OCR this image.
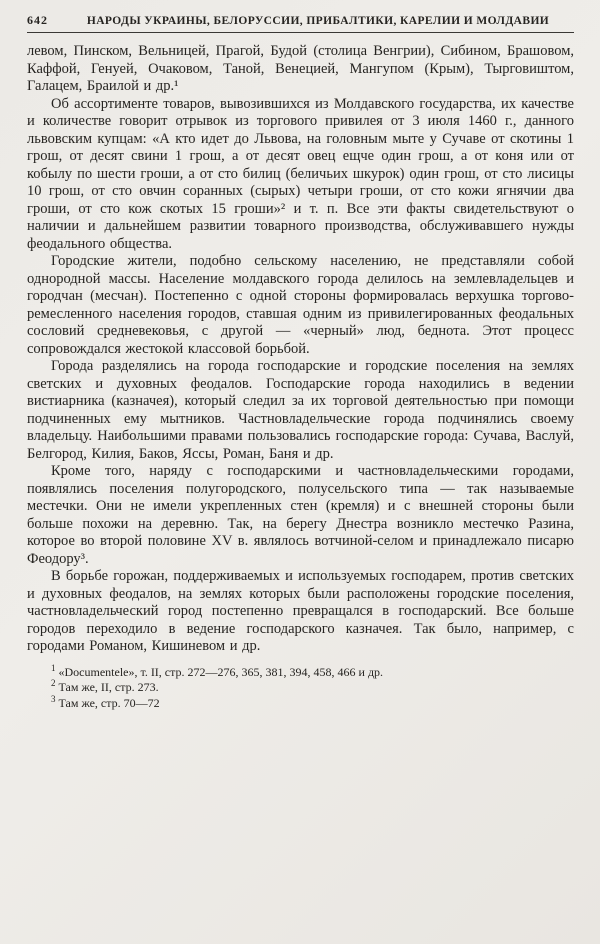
642	НАРОДЫ УКРАИНЫ, БЕЛОРУССИИ, ПРИБАЛТИКИ, КАРЕЛИИ И МОЛДАВИИ

левом, Пинском, Вельницей, Прагой, Будой (столица Венгрии), Сибином, Брашовом, Каффой, Генуей, Очаковом, Таной, Венецией, Мангупом (Крым), Тырговиштом, Галацем, Браилой и др.¹

Об ассортименте товаров, вывозившихся из Молдавского государства, их качестве и количестве говорит отрывок из торгового привилея от 3 июля 1460 г., данного львовским купцам: «А кто идет до Львова, на головным мыте у Сучаве от скотины 1 грош, от десят свини 1 грош, а от десят овец ещче один грош, а от коня или от кобылу по шести гроши, а от сто билиц (беличьих шкурок) один грош, от сто лисицы 10 грош, от сто овчин соранных (сырых) четыри гроши, от сто кожи ягнячии два гроши, от сто кож скотых 15 гроши»² и т. п. Все эти факты свидетельствуют о наличии и дальнейшем развитии товарного производства, обслуживавшего нужды феодального общества.

Городские жители, подобно сельскому населению, не представляли собой однородной массы. Население молдавского города делилось на землевладельцев и городчан (месчан). Постепенно с одной стороны формировалась верхушка торгово-ремесленного населения городов, ставшая одним из привилегированных феодальных сословий средневековья, с другой — «черный» люд, беднота. Этот процесс сопровождался жестокой классовой борьбой.

Города разделялись на города господарские и городские поселения на землях светских и духовных феодалов. Господарские города находились в ведении вистиарника (казначея), который следил за их торговой деятельностью при помощи подчиненных ему мытников. Частновладельческие города подчинялись своему владельцу. Наибольшими правами пользовались господарские города: Сучава, Васлуй, Белгород, Килия, Баков, Яссы, Роман, Баня и др.

Кроме того, наряду с господарскими и частновладельческими городами, появлялись поселения полугородского, полусельского типа — так называемые местечки. Они не имели укрепленных стен (кремля) и с внешней стороны были больше похожи на деревню. Так, на берегу Днестра возникло местечко Разина, которое во второй половине XV в. являлось вотчиной-селом и принадлежало писарю Феодору³.

В борьбе горожан, поддерживаемых и используемых господарем, против светских и духовных феодалов, на землях которых были расположены городские поселения, частновладельческий город постепенно превращался в господарский. Все больше городов переходило в ведение господарского казначея. Так было, например, с городами Романом, Кишиневом и др.

$^1$ «Documentele», т. II, стр. 272—276, 365, 381, 394, 458, 466 и др.
$^2$ Там же, II, стр. 273.
$^3$ Там же, стр. 70—72
